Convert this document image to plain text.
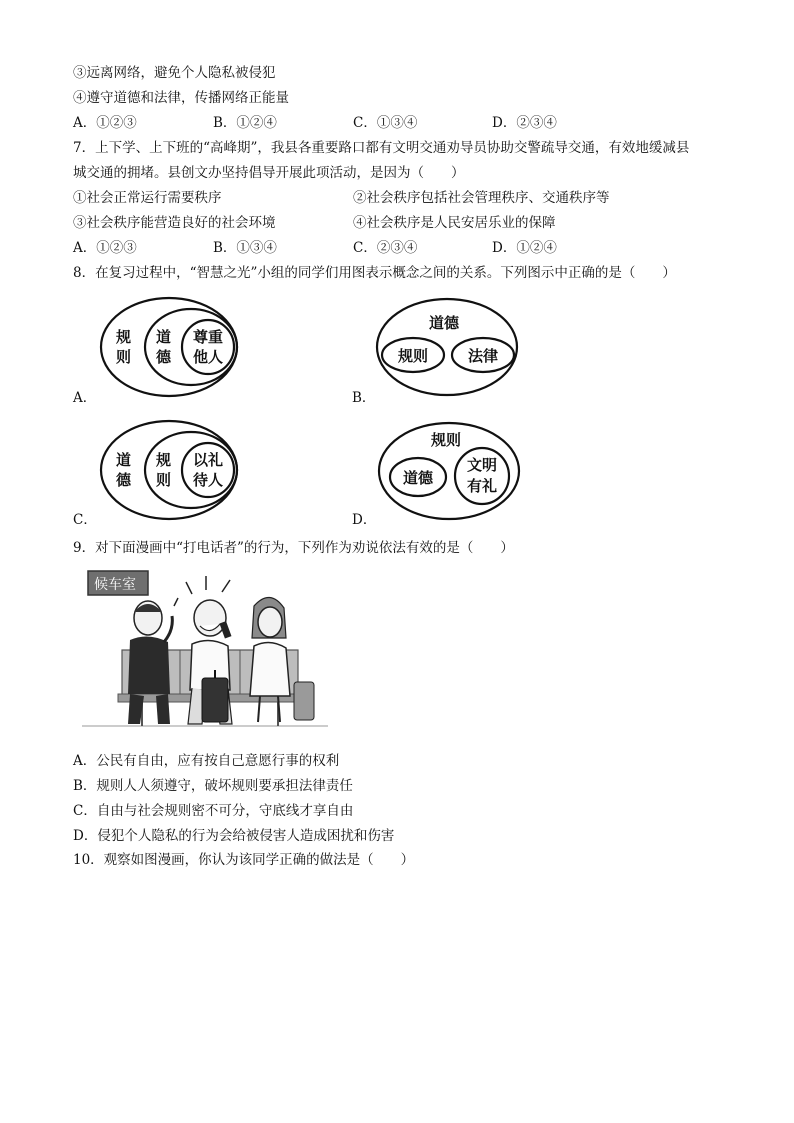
③远离网络，避免个人隐私被侵犯
④遵守道德和法律，传播网络正能量
A．①②③	B．①②④	C．①③④	D．②③④
7．上下学、上下班的“高峰期”，我县各重要路口都有文明交通劝导员协助交警疏导交通，有效地缓减县
城交通的拥堵。县创文办坚持倡导开展此项活动，是因为（　　）
①社会正常运行需要秩序	②社会秩序包括社会管理秩序、交通秩序等
③社会秩序能营造良好的社会环境	④社会秩序是人民安居乐业的保障
A．①②③	B．①③④	C．②③④	D．①②④
8．在复习过程中，“智慧之光”小组的同学们用图表示概念之间的关系。下列图示中正确的是（　　）
规
则
道
德
尊重
他人
A．
道德
规则	法律
B．
道
德
规
则
以礼
待人
C．
规则
道德
文明
有礼
D．
9．对下面漫画中“打电话者”的行为，下列作为劝说依法有效的是（　　）
候车室
A．公民有自由，应有按自己意愿行事的权利
B．规则人人须遵守，破坏规则要承担法律责任
C．自由与社会规则密不可分，守底线才享自由
D．侵犯个人隐私的行为会给被侵害人造成困扰和伤害
10．观察如图漫画，你认为该同学正确的做法是（　　）
